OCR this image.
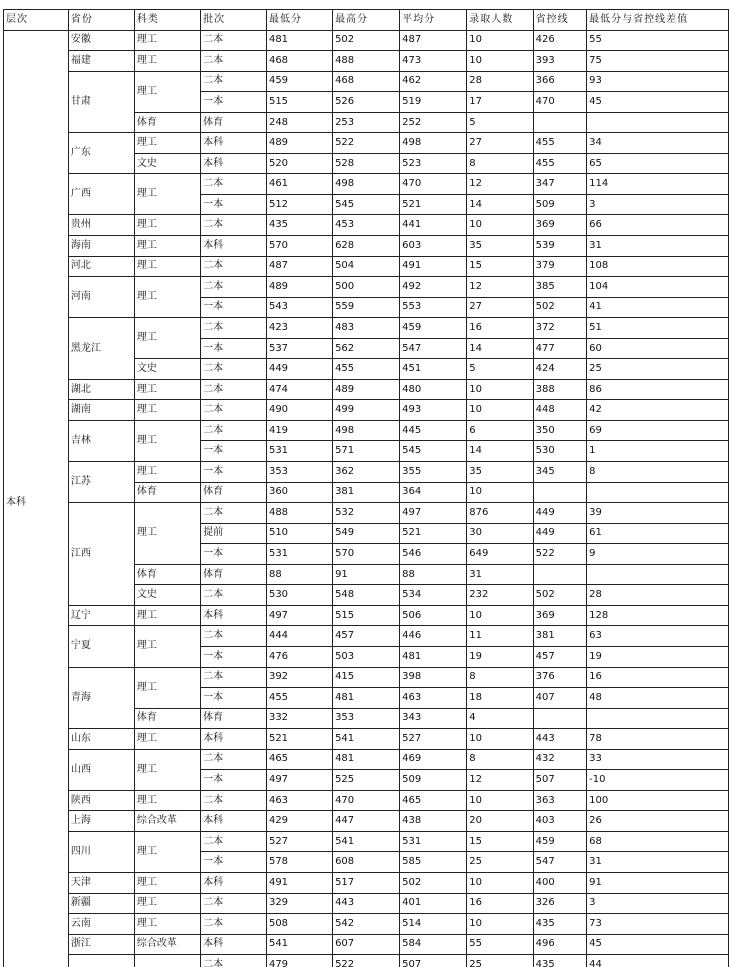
层次	省份	科类	批次	最低分	最高分	平均分	录取人数	省控线	最低分与省控线差值
本科	安徽	理工	二本	481	502	487	10	426	55
	福建	理工	二本	468	488	473	10	393	75
	甘肃	理工	二本	459	468	462	28	366	93
			一本	515	526	519	17	470	45
		体育	体育	248	253	252	5		
	广东	理工	本科	489	522	498	27	455	34
		文史	本科	520	528	523	8	455	65
	广西	理工	二本	461	498	470	12	347	114
			一本	512	545	521	14	509	3
	贵州	理工	二本	435	453	441	10	369	66
	海南	理工	本科	570	628	603	35	539	31
	河北	理工	二本	487	504	491	15	379	108
	河南	理工	二本	489	500	492	12	385	104
			一本	543	559	553	27	502	41
	黑龙江	理工	二本	423	483	459	16	372	51
			一本	537	562	547	14	477	60
		文史	二本	449	455	451	5	424	25
	湖北	理工	二本	474	489	480	10	388	86
	湖南	理工	二本	490	499	493	10	448	42
	吉林	理工	二本	419	498	445	6	350	69
			一本	531	571	545	14	530	1
	江苏	理工	一本	353	362	355	35	345	8
		体育	体育	360	381	364	10		
	江西	理工	二本	488	532	497	876	449	39
			提前	510	549	521	30	449	61
			一本	531	570	546	649	522	9
		体育	体育	88	91	88	31		
		文史	二本	530	548	534	232	502	28
	辽宁	理工	本科	497	515	506	10	369	128
	宁夏	理工	二本	444	457	446	11	381	63
			一本	476	503	481	19	457	19
	青海	理工	二本	392	415	398	8	376	16
			一本	455	481	463	18	407	48
		体育	体育	332	353	343	4		
	山东	理工	本科	521	541	527	10	443	78
	山西	理工	二本	465	481	469	8	432	33
			一本	497	525	509	12	507	-10
	陕西	理工	二本	463	470	465	10	363	100
	上海	综合改革	本科	429	447	438	20	403	26
	四川	理工	二本	527	541	531	15	459	68
			一本	578	608	585	25	547	31
	天津	理工	本科	491	517	502	10	400	91
	新疆	理工	二本	329	443	401	16	326	3
	云南	理工	二本	508	542	514	10	435	73
	浙江	综合改革	本科	541	607	584	55	496	45
			二本	479	522	507	25	435	44
